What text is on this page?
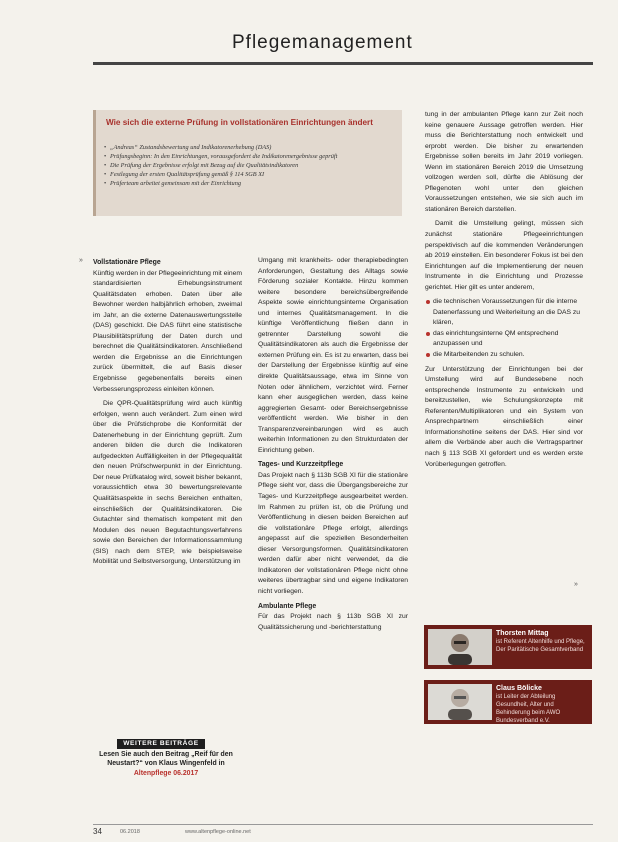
Pflegemanagement
Wie sich die externe Prüfung in vollstationären Einrichtungen ändert
• „Andreas“ Zustandsbewertung und Indikatorenerhebung (DAS)
• Prüfungsbeginn: In den Einrichtungen, vorausgefordert die Indikatorenergebnisse geprüft
• Die Prüfung der Ergebnisse erfolgt mit Bezug auf die Qualitätsindikatoren
• Festlegung der ersten Qualitätsprüfung gemäß § 114 SGB XI
• Prüferteam arbeitet gemeinsam mit der Einrichtung
» Vollstationäre Pflege

Künftig werden in der Pflegeeinrichtung mit einem standardisierten Erhebungsinstrument Qualitätsdaten erhoben. Daten über alle Bewohner werden halbjährlich erhoben, zweimal im Jahr, an die externe Datenauswertungsstelle (DAS) geschickt. Die DAS führt eine statistische Plausibilitätsprüfung der Daten durch und berechnet die Qualitätsindikatoren. Anschließend werden die Ergebnisse an die Einrichtungen zurück übermittelt, die auf Basis dieser Ergebnisse gegebenenfalls bereits einen Verbesserungsprozess einleiten können.

Die QPR-Qualitätsprüfung wird auch künftig erfolgen, wenn auch verändert. Zum einen wird über die Prüfstichprobe die Konformität der Datenerhebung in der Einrichtung geprüft. Zum anderen bilden die durch die Indikatoren aufgedeckten Auffälligkeiten in der Pflegequalität den neuen Prüfschwerpunkt in der Einrichtung. Der neue Prüfkatalog wird, soweit bisher bekannt, voraussichtlich etwa 30 bewertungsrelevante Qualitätsaspekte in sechs Bereichen enthalten, einschließlich der Qualitätsindikatoren. Die Gutachter sind thematisch kompetent mit den Modulen des neuen Begutachtungsverfahrens sowie den Bereichen der Informationssammlung (SIS) nach dem STEP, wie beispielsweise Mobilität und Selbstversorgung, Unterstützung im

Umgang mit krankheits- oder therapiebedingten Anforderungen, Gestaltung des Alltags sowie Förderung sozialer Kontakte. Hinzu kommen weitere besondere bereichsübergreifende Aspekte sowie einrichtungsinterne Organisation und internes Qualitätsmanagement. In die künftige Veröffentlichung fließen dann in getrennter Darstellung sowohl die Qualitätsindikatoren als auch die Ergebnisse der externen Prüfung ein. Es ist zu erwarten, dass bei der Darstellung der Ergebnisse künftig auf eine direkte Qualitätsaussage, etwa im Sinne von Noten oder ähnlichem, verzichtet wird. Ferner kann eher ausgeglichen werden, dass keine aggregierten Gesamt- oder Bereichsergebnisse veröffentlicht werden. Wie bisher in den Transparenzvereinbarungen wird es auch weiterhin Informationen zu den Strukturdaten der Einrichtung geben.

Tages- und Kurzzeitpflege

Das Projekt nach § 113b SGB XI für die stationäre Pflege sieht vor, dass die Übergangsbereiche zur Tages- und Kurzzeitpflege ausgearbeitet werden. Im Rahmen zu prüfen ist, ob die Prüfung und Veröffentlichung in diesen beiden Bereichen auf die vollstationäre Pflege erfolgt, allerdings angepasst auf die speziellen Besonderheiten dieser Versorgungsformen. Qualitätsindikatoren werden dafür aber nicht verwendet, da die Indikatoren der vollstationären Pflege nicht ohne weiteres übertragbar sind und eigene Indikatoren nicht vorliegen.

Ambulante Pflege

Für das Projekt nach § 113b SGB XI zur Qualitätssicherung und -berichterstattung

tung in der ambulanten Pflege kann zur Zeit noch keine genauere Aussage getroffen werden. Hier muss die Berichterstattung noch entwickelt und erprobt werden. Die bisher zu erwartenden Ergebnisse sollen bereits im Jahr 2019 vorliegen. Wenn im stationären Bereich 2019 die Umsetzung vollzogen werden soll, dürfte die Ablösung der Pflegenoten wohl unter den gleichen Voraussetzungen entstehen, wie sie sich auch im stationären Bereich darstellen.

Damit die Umstellung gelingt, müssen sich zunächst stationäre Pflegeeinrichtungen perspektivisch auf die kommenden Veränderungen ab 2019 einstellen. Ein besonderer Fokus ist bei den Einrichtungen auf die Implementierung der neuen Instrumente in die Einrichtung und Prozesse gerichtet. Hier gilt es unter anderem,

die technischen Voraussetzungen für die interne Datenerfassung und Weiterleitung an die DAS zu klären,
das einrichtungsinterne QM entsprechend anzupassen und
die Mitarbeitenden zu schulen.

Zur Unterstützung der Einrichtungen bei der Umstellung wird auf Bundesebene noch entsprechende Instrumente zu entwickeln und bereitzustellen, wie Schulungskonzepte mit Referenten/Multiplikatoren und ein System von Ansprechpartnern einschließlich einer Informationshotline seitens der DAS. Hier sind vor allem die Verbände aber auch die Vertragspartner nach § 113 SGB XI gefordert und es werden erste Vorüberlegungen getroffen.

»
WEITERE BEITRÄGE
Lesen Sie auch den Beitrag „Reif für den Neustart?“ von Klaus Wingenfeld in
Altenpflege 06.2017
Thorsten Mittag
ist Referent Altenhilfe und Pflege, Der Paritätische Gesamtverband
Claus Bölicke
ist Leiter der Abteilung Gesundheit, Alter und Behinderung beim AWO Bundesverband e.V.
34	06.2018	www.altenpflege-online.net
